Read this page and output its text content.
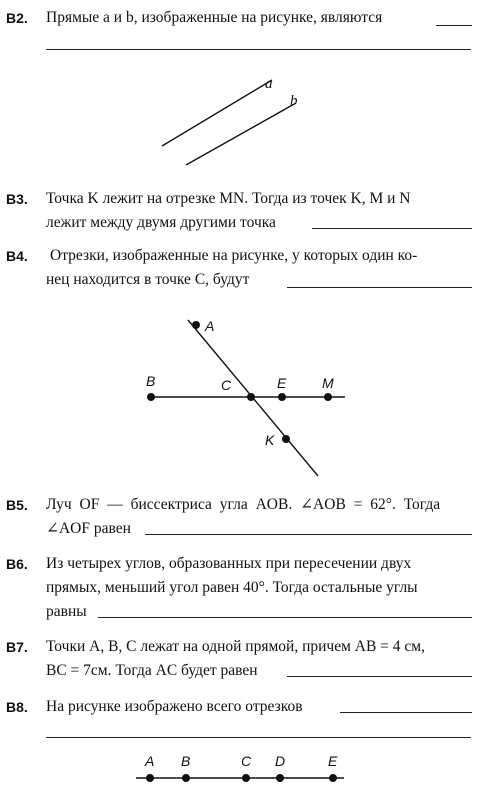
В2. Прямые a и b, изображенные на рисунке, являются
a
b
В3. Точка K лежит на отрезке MN. Тогда из точек K, M и N
лежит между двумя другими точка
В4. Отрезки, изображенные на рисунке, у которых один ко-
нец находится в точке C, будут
A
B	C	E	M
K
В5. Луч OF — биссектриса угла AOB. ∠AOB = 62°. Тогда
∠AOF равен
В6. Из четырех углов, образованных при пересечении двух
прямых, меньший угол равен 40°. Тогда остальные углы
равны
В7. Точки A, B, C лежат на одной прямой, причем AB = 4 см,
BC = 7см. Тогда AC будет равен
В8. На рисунке изображено всего отрезков
A B	C D	E
